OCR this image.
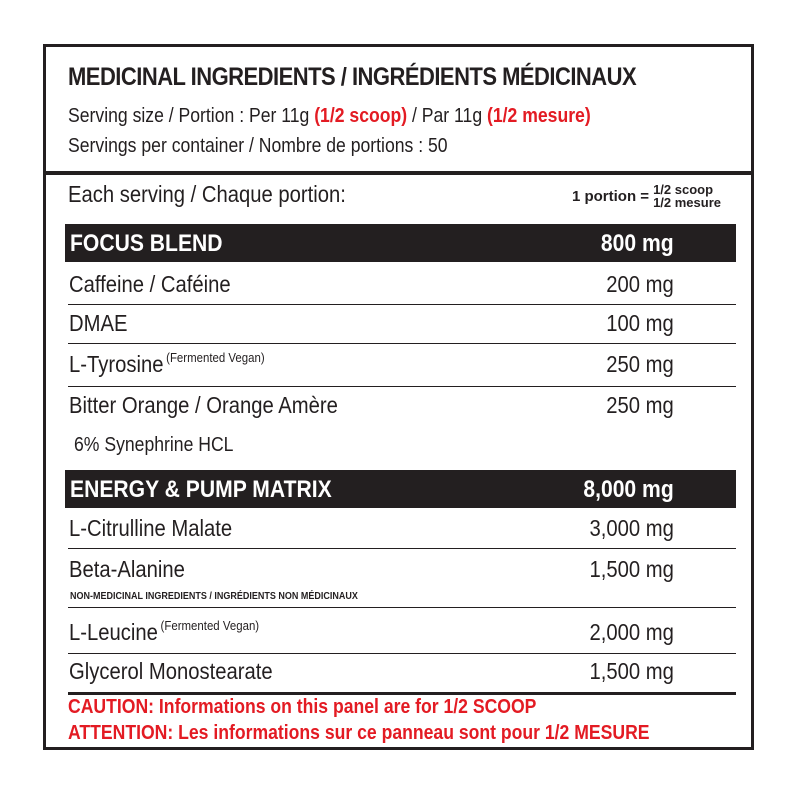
MEDICINAL INGREDIENTS / INGRÉDIENTS MÉDICINAUX
Serving size / Portion : Per 11g (1/2 scoop) / Par 11g (1/2 mesure)
Servings per container / Nombre de portions : 50
Each serving / Chaque portion:	1 portion = 1/2 scoop
1/2 mesure
FOCUS BLEND	800 mg
Caffeine / Caféine	200 mg
DMAE	100 mg
L-Tyrosine $^{(Fermented Vegan)}$	250 mg
Bitter Orange / Orange Amère	250 mg
6% Synephrine HCL
ENERGY & PUMP MATRIX	8,000 mg
L-Citrulline Malate	3,000 mg
Beta-Alanine	1,500 mg
NON-MEDICINAL INGREDIENTS / INGRÉDIENTS NON MÉDICINAUX
L-Leucine $^{(Fermented Vegan)}$	2,000 mg
Glycerol Monostearate	1,500 mg
CAUTION: Informations on this panel are for 1/2 SCOOP
ATTENTION: Les informations sur ce panneau sont pour 1/2 MESURE
